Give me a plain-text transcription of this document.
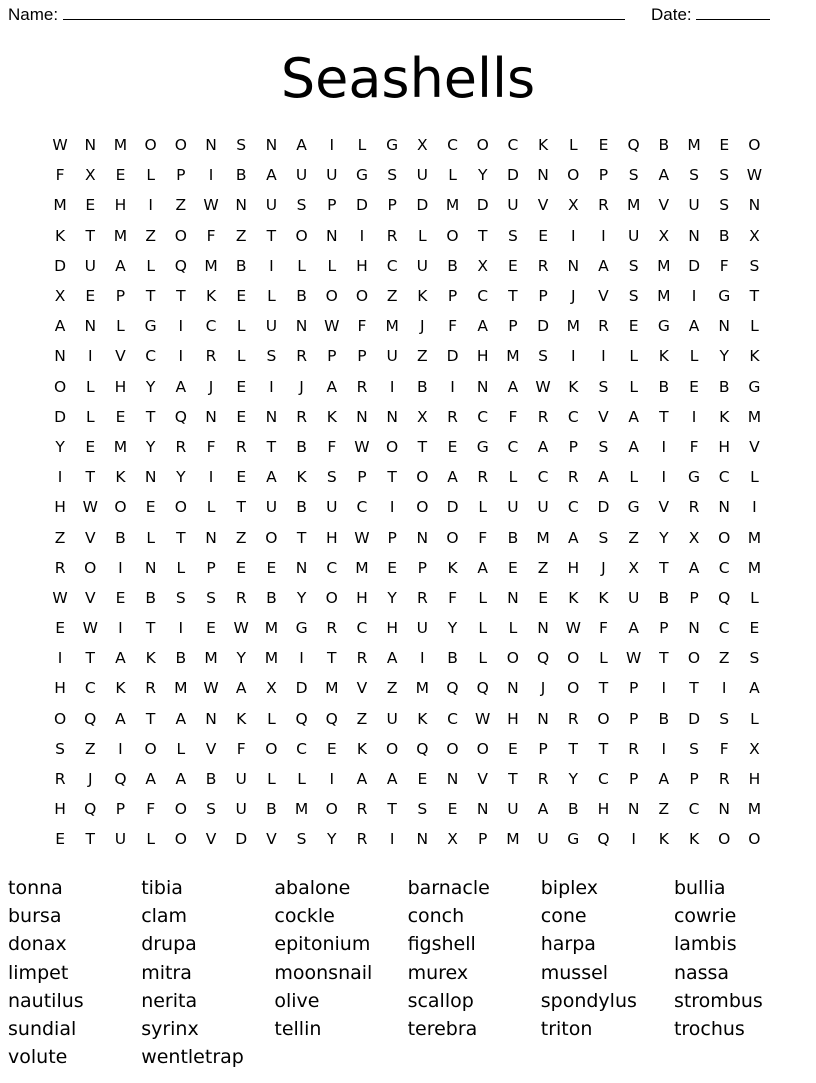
Name:	Date:
Seashells
W	N	M	O	O	N	S	N	A	I	L	G	X	C	O	C	K	L	E	Q	B	M	E	O
F	X	E	L	P	I	B	A	U	U	G	S	U	L	Y	D	N	O	P	S	A	S	S	W
M	E	H	I	Z	W	N	U	S	P	D	P	D	M	D	U	V	X	R	M	V	U	S	N
K	T	M	Z	O	F	Z	T	O	N	I	R	L	O	T	S	E	I	I	U	X	N	B	X
D	U	A	L	Q	M	B	I	L	L	H	C	U	B	X	E	R	N	A	S	M	D	F	S
X	E	P	T	T	K	E	L	B	O	O	Z	K	P	C	T	P	J	V	S	M	I	G	T
A	N	L	G	I	C	L	U	N	W	F	M	J	F	A	P	D	M	R	E	G	A	N	L
N	I	V	C	I	R	L	S	R	P	P	U	Z	D	H	M	S	I	I	L	K	L	Y	K
O	L	H	Y	A	J	E	I	J	A	R	I	B	I	N	A	W	K	S	L	B	E	B	G
D	L	E	T	Q	N	E	N	R	K	N	N	X	R	C	F	R	C	V	A	T	I	K	M
Y	E	M	Y	R	F	R	T	B	F	W	O	T	E	G	C	A	P	S	A	I	F	H	V
I	T	K	N	Y	I	E	A	K	S	P	T	O	A	R	L	C	R	A	L	I	G	C	L
H	W	O	E	O	L	T	U	B	U	C	I	O	D	L	U	U	C	D	G	V	R	N	I
Z	V	B	L	T	N	Z	O	T	H	W	P	N	O	F	B	M	A	S	Z	Y	X	O	M
R	O	I	N	L	P	E	E	N	C	M	E	P	K	A	E	Z	H	J	X	T	A	C	M
W	V	E	B	S	S	R	B	Y	O	H	Y	R	F	L	N	E	K	K	U	B	P	Q	L
E	W	I	T	I	E	W	M	G	R	C	H	U	Y	L	L	N	W	F	A	P	N	C	E
I	T	A	K	B	M	Y	M	I	T	R	A	I	B	L	O	Q	O	L	W	T	O	Z	S
H	C	K	R	M	W	A	X	D	M	V	Z	M	Q	Q	N	J	O	T	P	I	T	I	A
O	Q	A	T	A	N	K	L	Q	Q	Z	U	K	C	W	H	N	R	O	P	B	D	S	L
S	Z	I	O	L	V	F	O	C	E	K	O	Q	O	O	E	P	T	T	R	I	S	F	X
R	J	Q	A	A	B	U	L	L	I	A	A	E	N	V	T	R	Y	C	P	A	P	R	H
H	Q	P	F	O	S	U	B	M	O	R	T	S	E	N	U	A	B	H	N	Z	C	N	M
E	T	U	L	O	V	D	V	S	Y	R	I	N	X	P	M	U	G	Q	I	K	K	O	O
tonna	tibia	abalone	barnacle	biplex	bullia
bursa	clam	cockle	conch	cone	cowrie
donax	drupa	epitonium	figshell	harpa	lambis
limpet	mitra	moonsnail	murex	mussel	nassa
nautilus	nerita	olive	scallop	spondylus	strombus
sundial	syrinx	tellin	terebra	triton	trochus
volute	wentletrap
